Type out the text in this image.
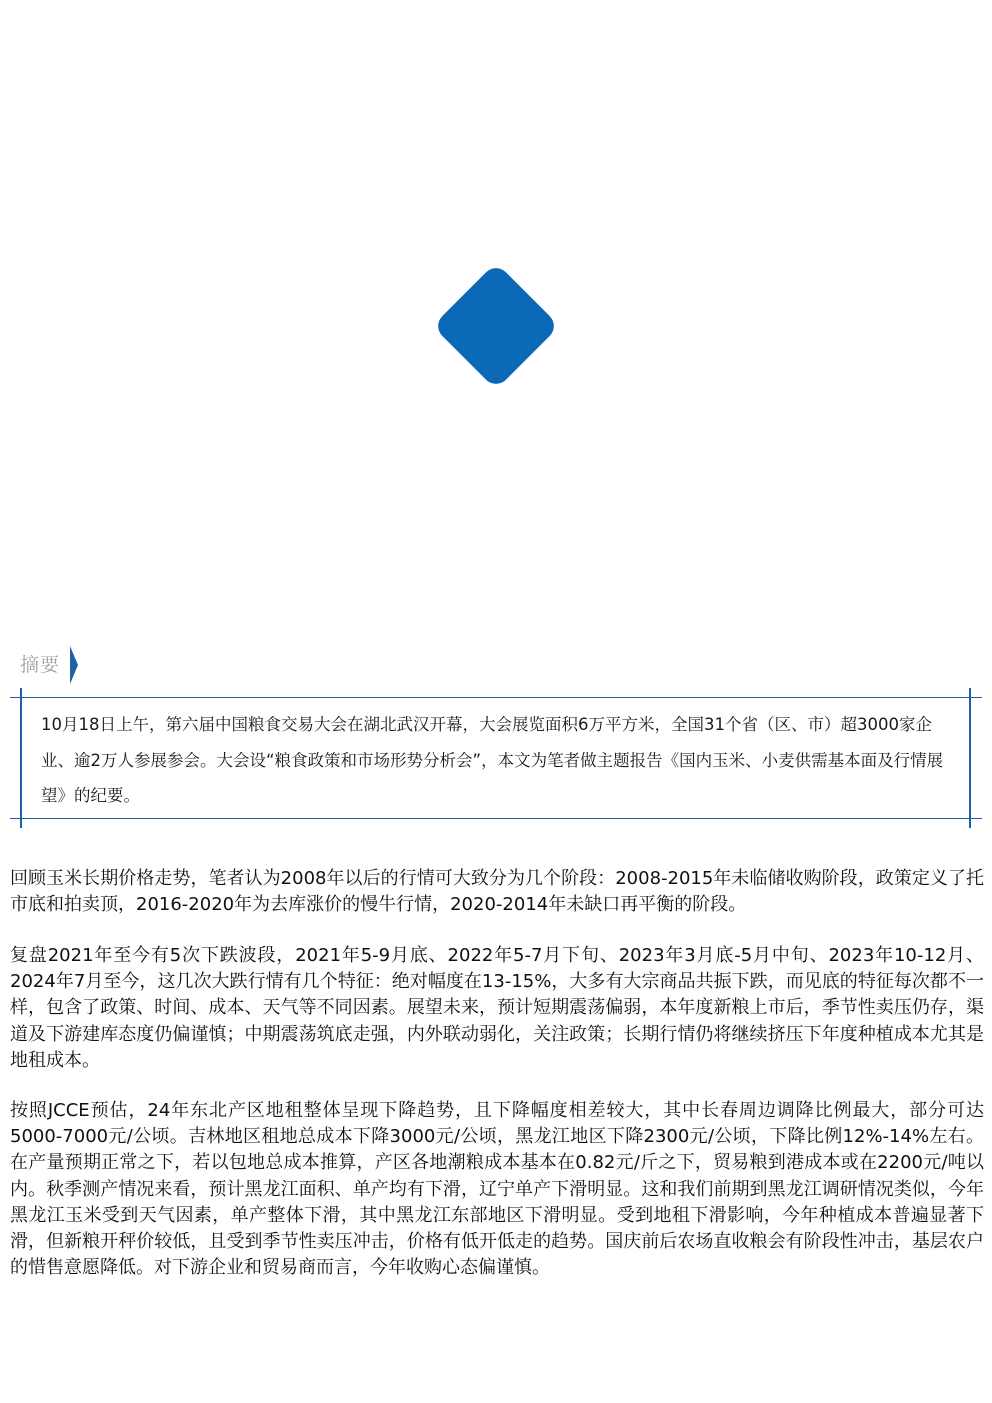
摘要
10月18日上午，第六届中国粮食交易大会在湖北武汉开幕，大会展览面积6万平方米，全国31个省（区、市）超3000家企业、逾2万人参展参会。大会设“粮食政策和市场形势分析会”，本文为笔者做主题报告《国内玉米、小麦供需基本面及行情展望》的纪要。

回顾玉米长期价格走势，笔者认为2008年以后的行情可大致分为几个阶段：2008-2015年未临储收购阶段，政策定义了托市底和拍卖顶，2016-2020年为去库涨价的慢牛行情，2020-2014年未缺口再平衡的阶段。

复盘2021年至今有5次下跌波段，2021年5-9月底、2022年5-7月下旬、2023年3月底-5月中旬、2023年10-12月、2024年7月至今，这几次大跌行情有几个特征：绝对幅度在13-15%，大多有大宗商品共振下跌，而见底的特征每次都不一样，包含了政策、时间、成本、天气等不同因素。展望未来，预计短期震荡偏弱，本年度新粮上市后，季节性卖压仍存，渠道及下游建库态度仍偏谨慎；中期震荡筑底走强，内外联动弱化，关注政策；长期行情仍将继续挤压下年度种植成本尤其是地租成本。

按照JCCE预估，24年东北产区地租整体呈现下降趋势，且下降幅度相差较大，其中长春周边调降比例最大，部分可达5000-7000元/公顷。吉林地区租地总成本下降3000元/公顷，黑龙江地区下降2300元/公顷，下降比例12%-14%左右。在产量预期正常之下，若以包地总成本推算，产区各地潮粮成本基本在0.82元/斤之下，贸易粮到港成本或在2200元/吨以内。秋季测产情况来看，预计黑龙江面积、单产均有下滑，辽宁单产下滑明显。这和我们前期到黑龙江调研情况类似，今年黑龙江玉米受到天气因素，单产整体下滑，其中黑龙江东部地区下滑明显。受到地租下滑影响，今年种植成本普遍显著下滑，但新粮开秤价较低，且受到季节性卖压冲击，价格有低开低走的趋势。国庆前后农场直收粮会有阶段性冲击，基层农户的惜售意愿降低。对下游企业和贸易商而言，今年收购心态偏谨慎。
